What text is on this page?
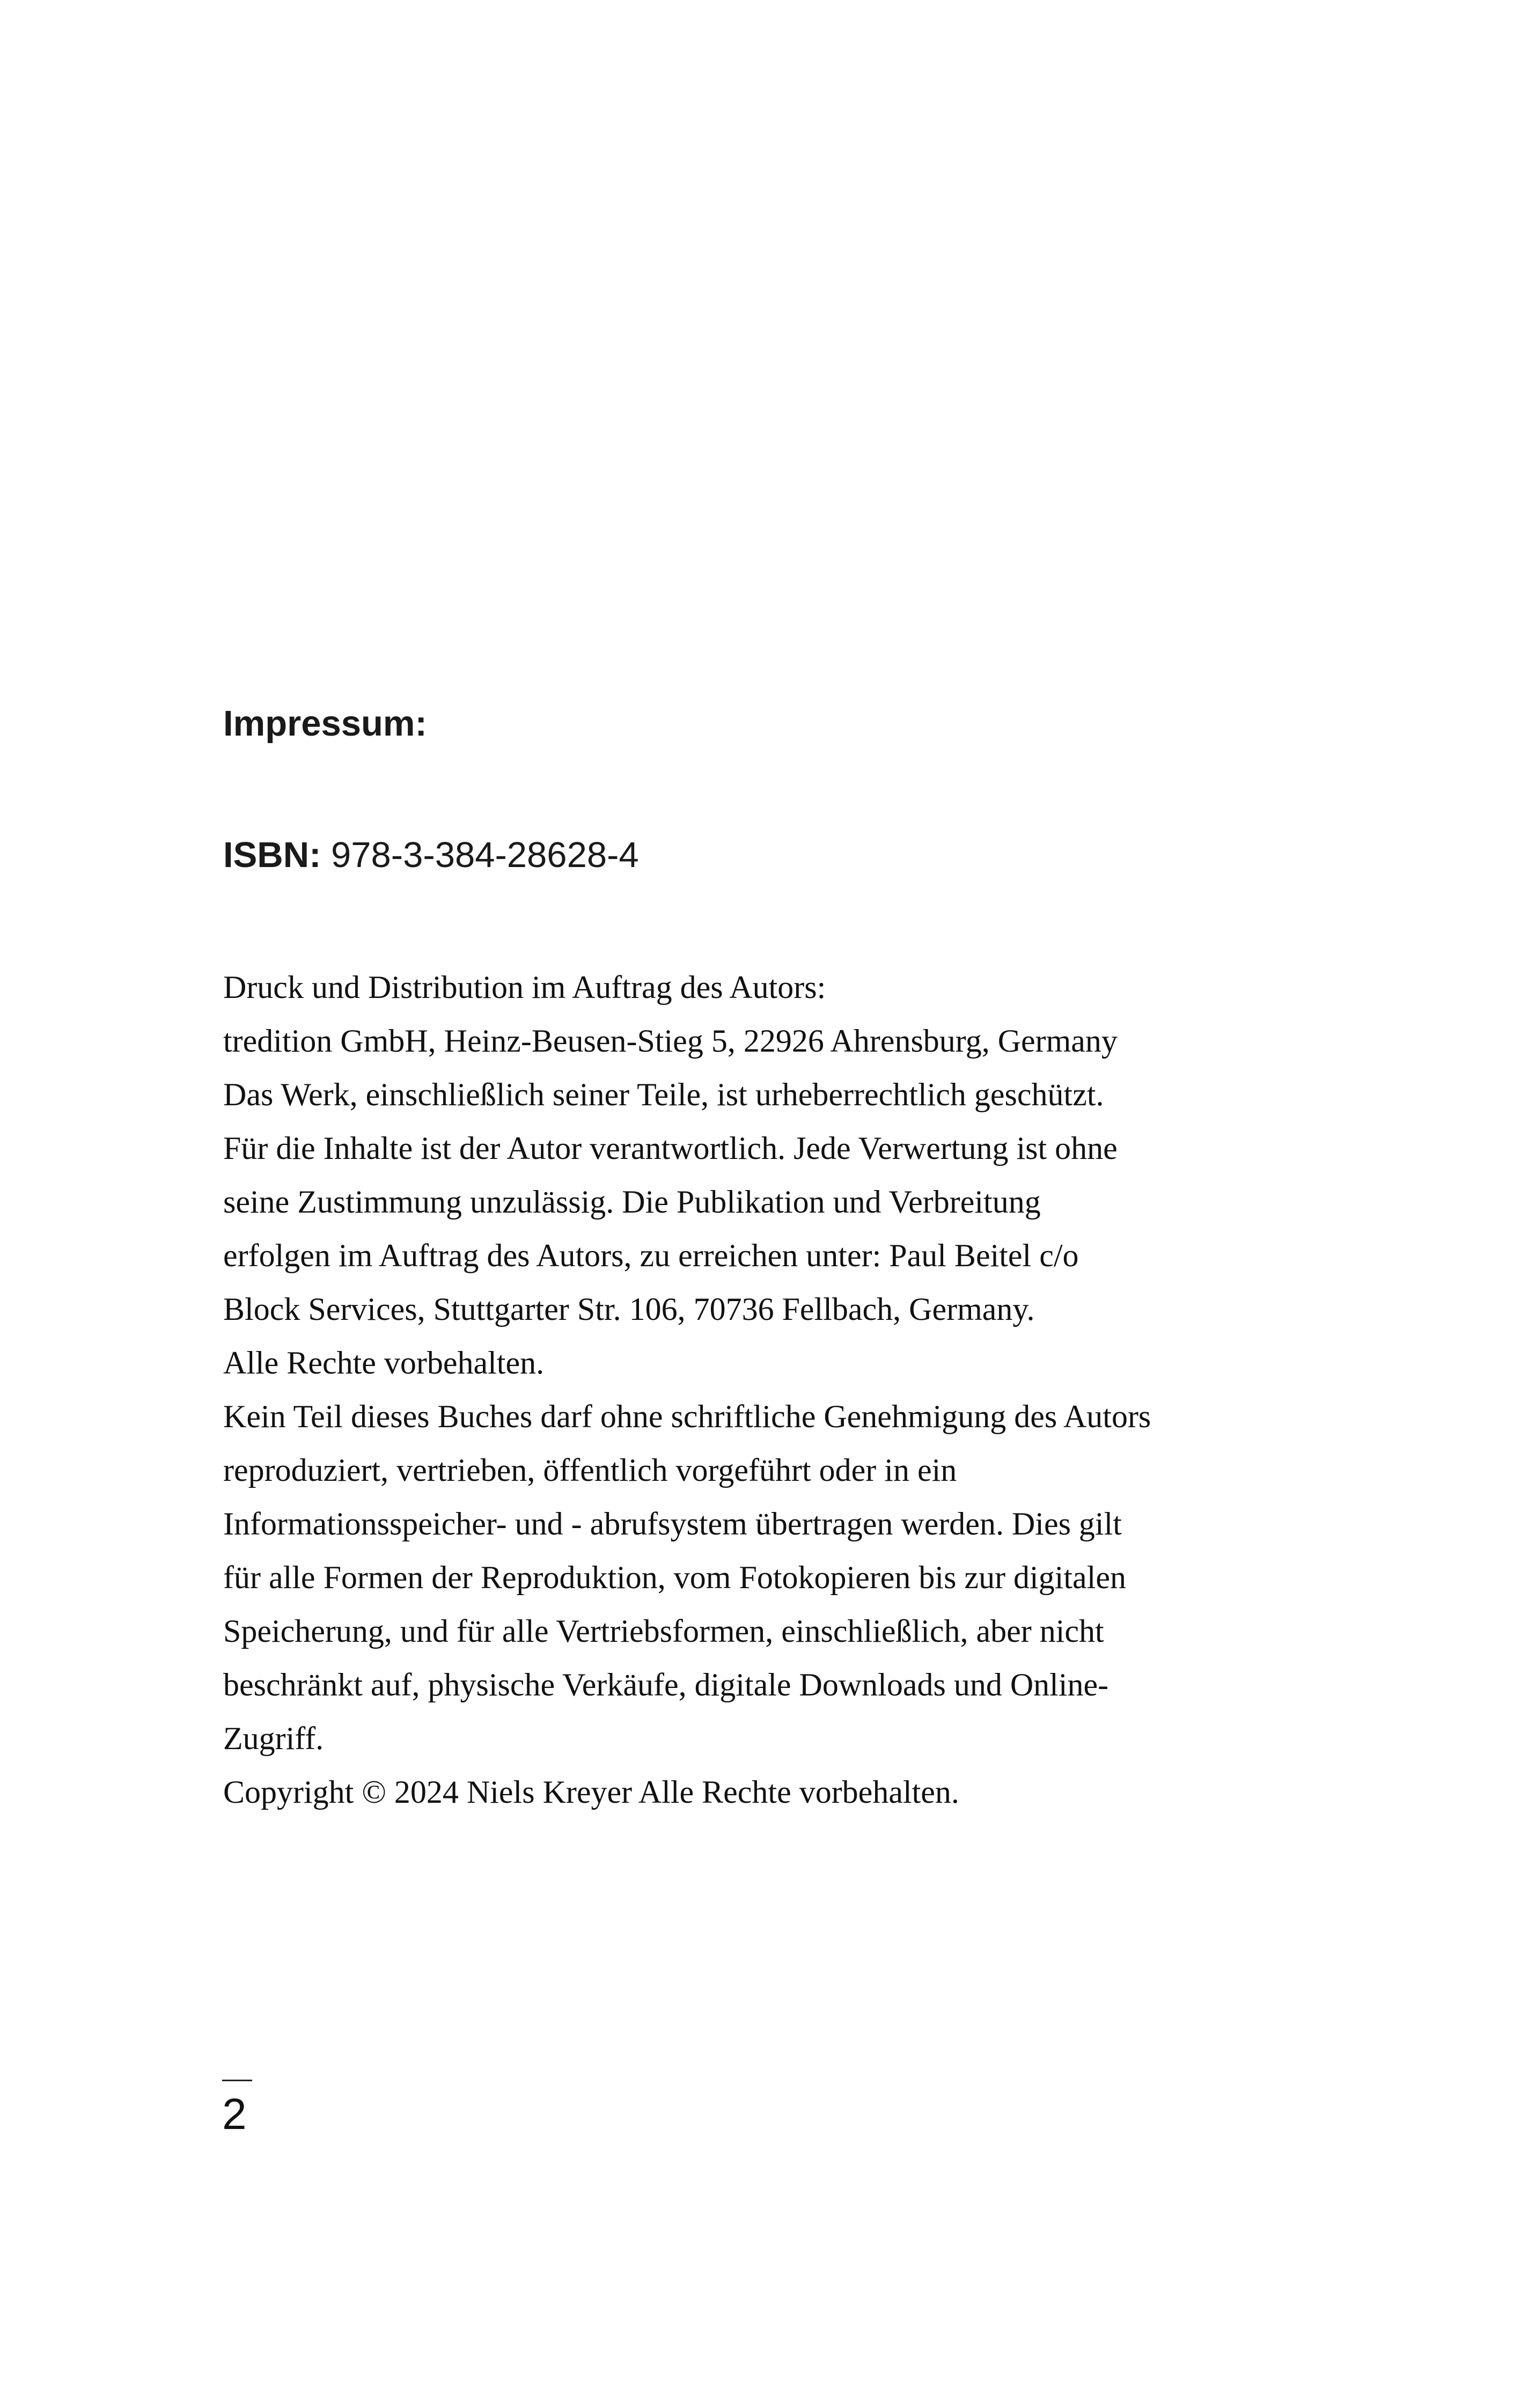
Impressum:

ISBN: 978-3-384-28628-4

Druck und Distribution im Auftrag des Autors:
tredition GmbH, Heinz-Beusen-Stieg 5, 22926 Ahrensburg, Germany
Das Werk, einschließlich seiner Teile, ist urheberrechtlich geschützt.
Für die Inhalte ist der Autor verantwortlich. Jede Verwertung ist ohne
seine Zustimmung unzulässig. Die Publikation und Verbreitung
erfolgen im Auftrag des Autors, zu erreichen unter: Paul Beitel c/o
Block Services, Stuttgarter Str. 106, 70736 Fellbach, Germany.
Alle Rechte vorbehalten.
Kein Teil dieses Buches darf ohne schriftliche Genehmigung des Autors
reproduziert, vertrieben, öffentlich vorgeführt oder in ein
Informationsspeicher- und - abrufsystem übertragen werden. Dies gilt
für alle Formen der Reproduktion, vom Fotokopieren bis zur digitalen
Speicherung, und für alle Vertriebsformen, einschließlich, aber nicht
beschränkt auf, physische Verkäufe, digitale Downloads und Online-
Zugriff.
Copyright © 2024 Niels Kreyer Alle Rechte vorbehalten.
2
